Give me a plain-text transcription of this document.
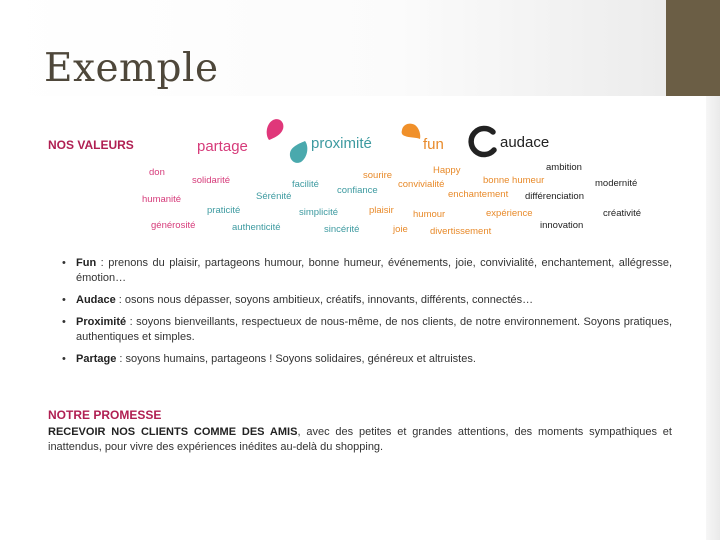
Exemple
NOS VALEURS	partage	proximité	fun	audace
don
solidarité
humanité
praticité
générosité	authenticité
facilité
Sérénité
confiance
simplicité
sincérité
sourire
convivialité
plaisir
joie
Happy
bonne humeur
enchantement
humour	expérience
divertissement
ambition
modernité
différenciation
créativité
innovation
• Fun : prenons du plaisir, partageons humour, bonne humeur, événements, joie, convivialité, enchantement, allégresse, émotion…
• Audace : osons nous dépasser, soyons ambitieux, créatifs, innovants, différents, connectés…
• Proximité : soyons bienveillants, respectueux de nous-même, de nos clients, de notre environnement. Soyons pratiques, authentiques et simples.
• Partage : soyons humains, partageons ! Soyons solidaires, généreux et altruistes.
NOTRE PROMESSE

RECEVOIR NOS CLIENTS COMME DES AMIS, avec des petites et grandes attentions, des moments sympathiques et inattendus, pour vivre des expériences inédites au-delà du shopping.
